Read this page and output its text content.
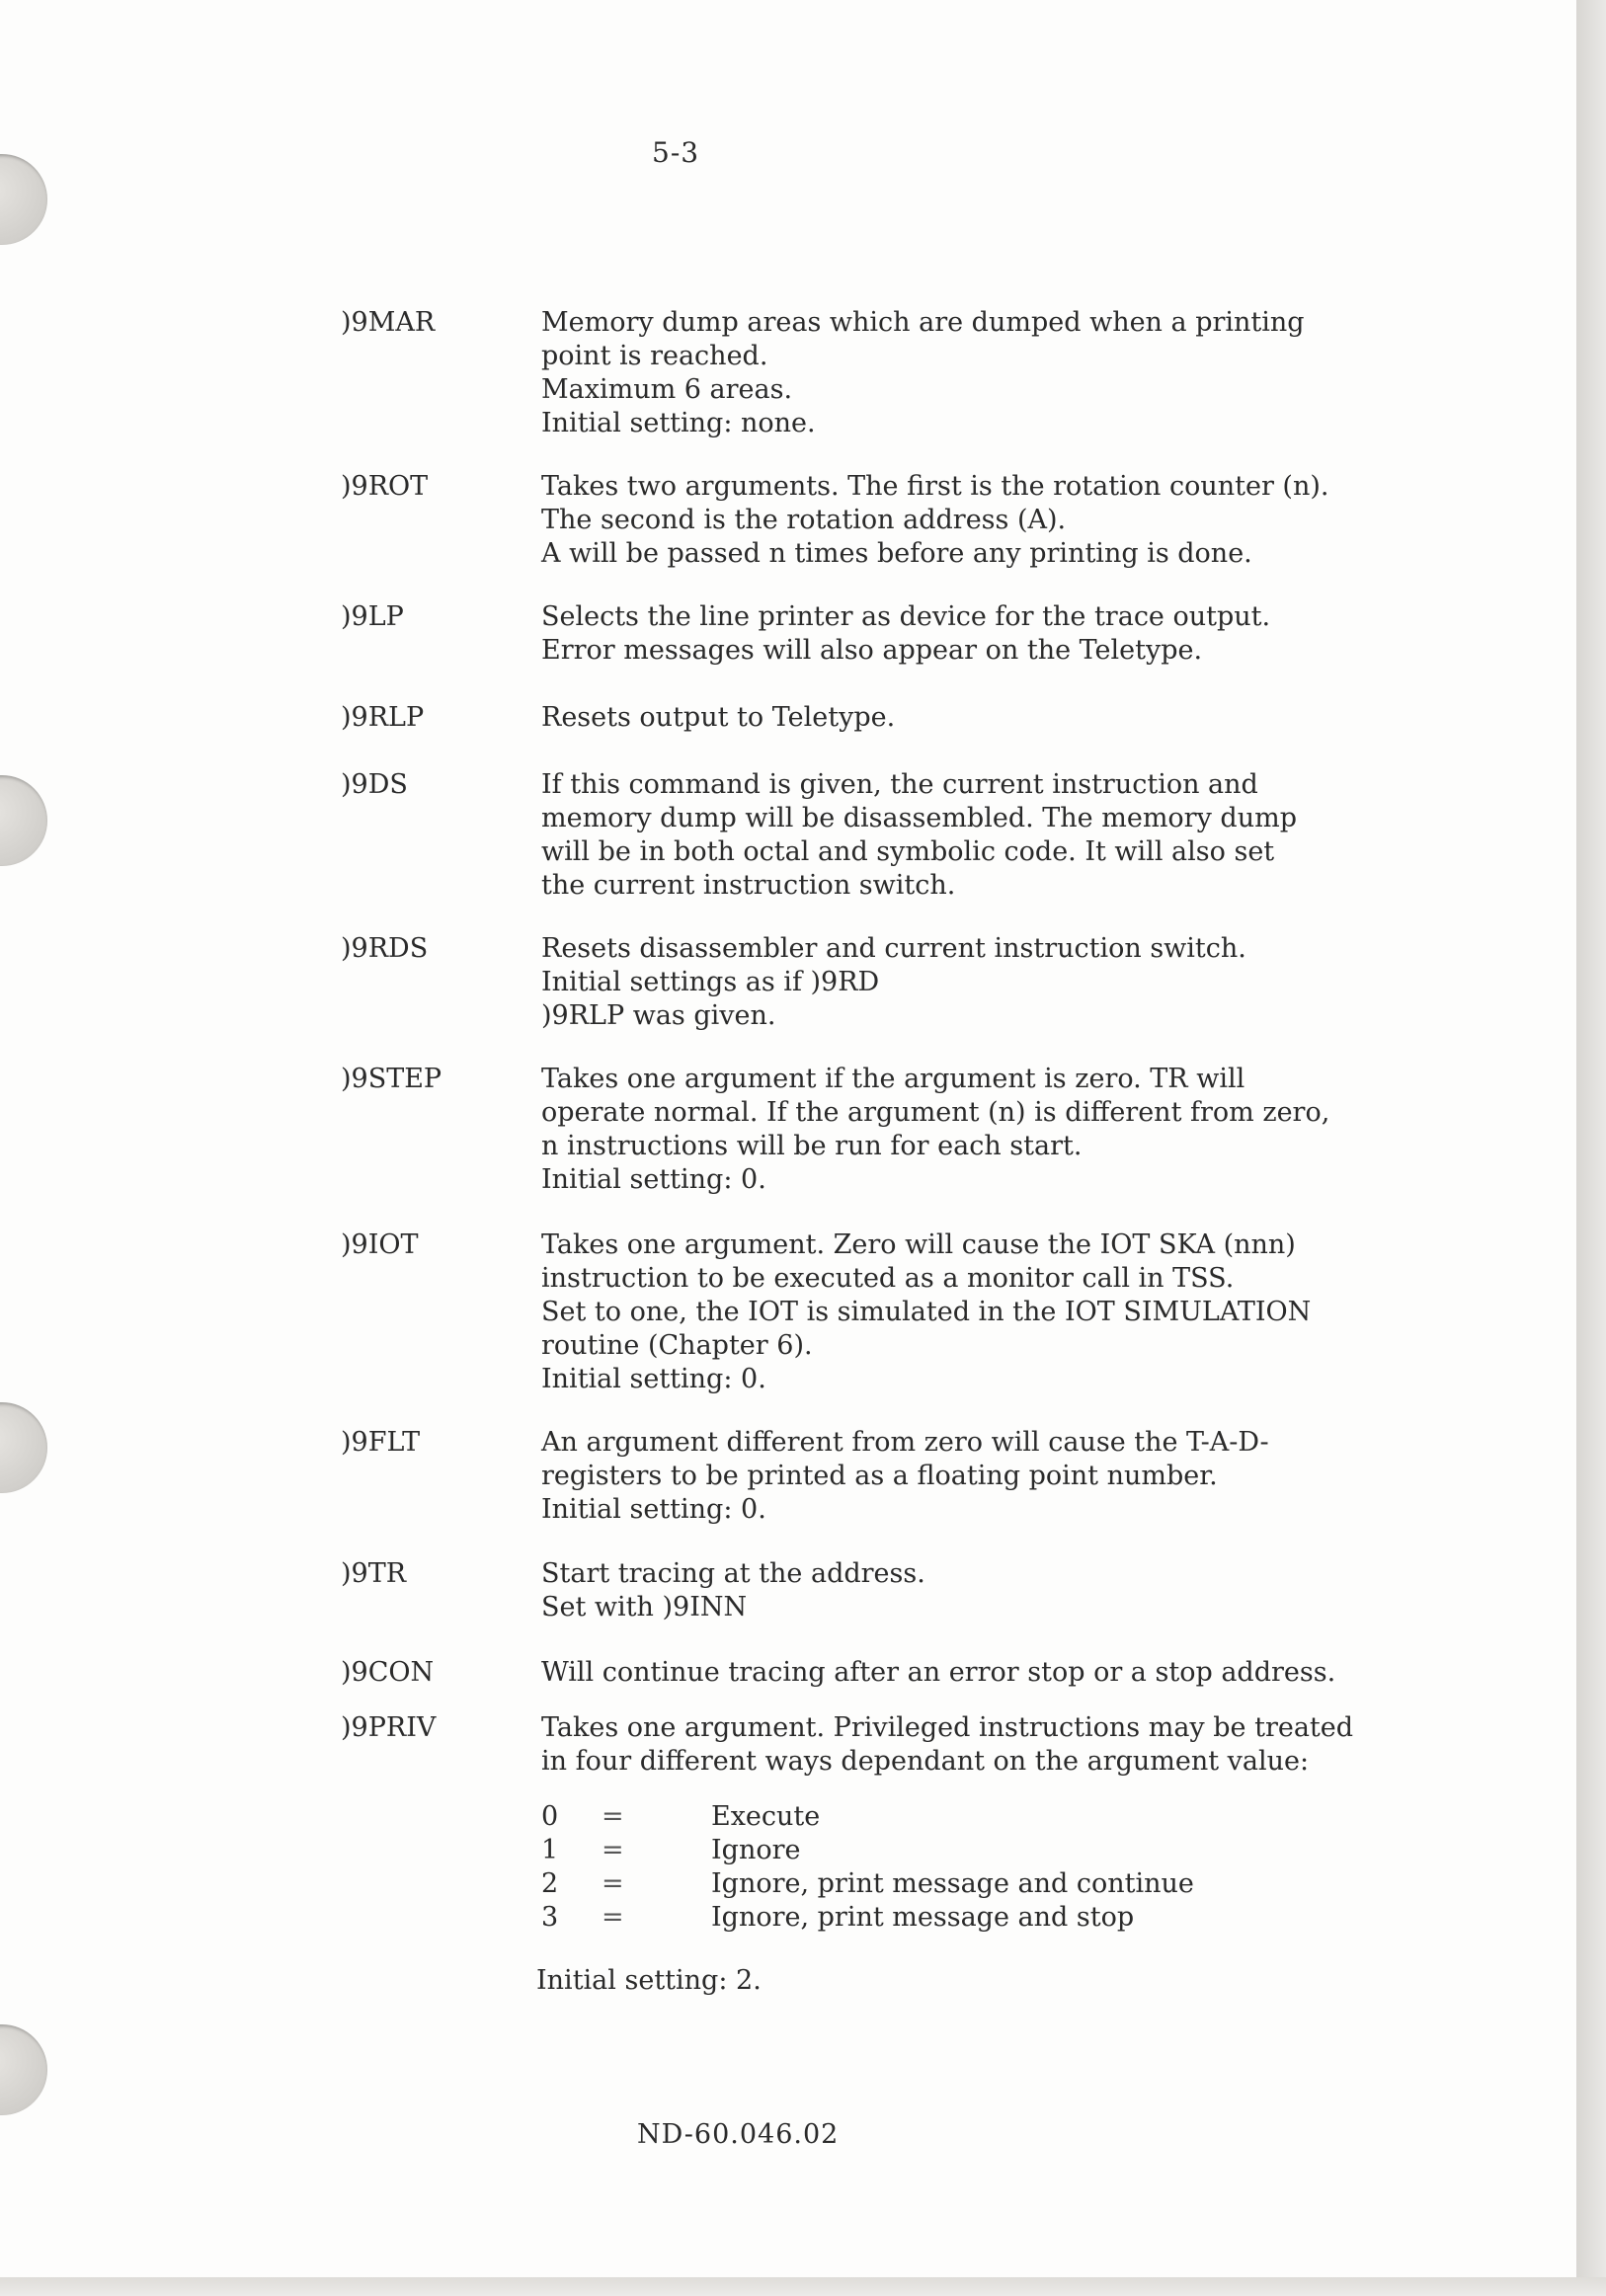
5-3
)9MAR	Memory dump areas which are dumped when a printing
point is reached.
Maximum 6 areas.
Initial setting: none.
)9ROT	Takes two arguments. The first is the rotation counter (n).
The second is the rotation address (A).
A will be passed n times before any printing is done.
)9LP	Selects the line printer as device for the trace output.
Error messages will also appear on the Teletype.
)9RLP	Resets output to Teletype.
)9DS	If this command is given, the current instruction and
memory dump will be disassembled. The memory dump
will be in both octal and symbolic code. It will also set
the current instruction switch.
)9RDS	Resets disassembler and current instruction switch.
Initial settings as if )9RD
)9RLP was given.
)9STEP	Takes one argument if the argument is zero. TR will
operate normal. If the argument (n) is different from zero,
n instructions will be run for each start.
Initial setting: 0.
)9IOT	Takes one argument. Zero will cause the IOT SKA (nnn)
instruction to be executed as a monitor call in TSS.
Set to one, the IOT is simulated in the IOT SIMULATION
routine (Chapter 6).
Initial setting: 0.
)9FLT	An argument different from zero will cause the T-A-D-
registers to be printed as a floating point number.
Initial setting: 0.
)9TR	Start tracing at the address.
Set with )9INN
)9CON	Will continue tracing after an error stop or a stop address.
)9PRIV	Takes one argument. Privileged instructions may be treated
in four different ways dependant on the argument value:
0 =	Execute
1 =	Ignore
2 =	Ignore, print message and continue
3 =	Ignore, print message and stop
Initial setting: 2.
ND-60.046.02
